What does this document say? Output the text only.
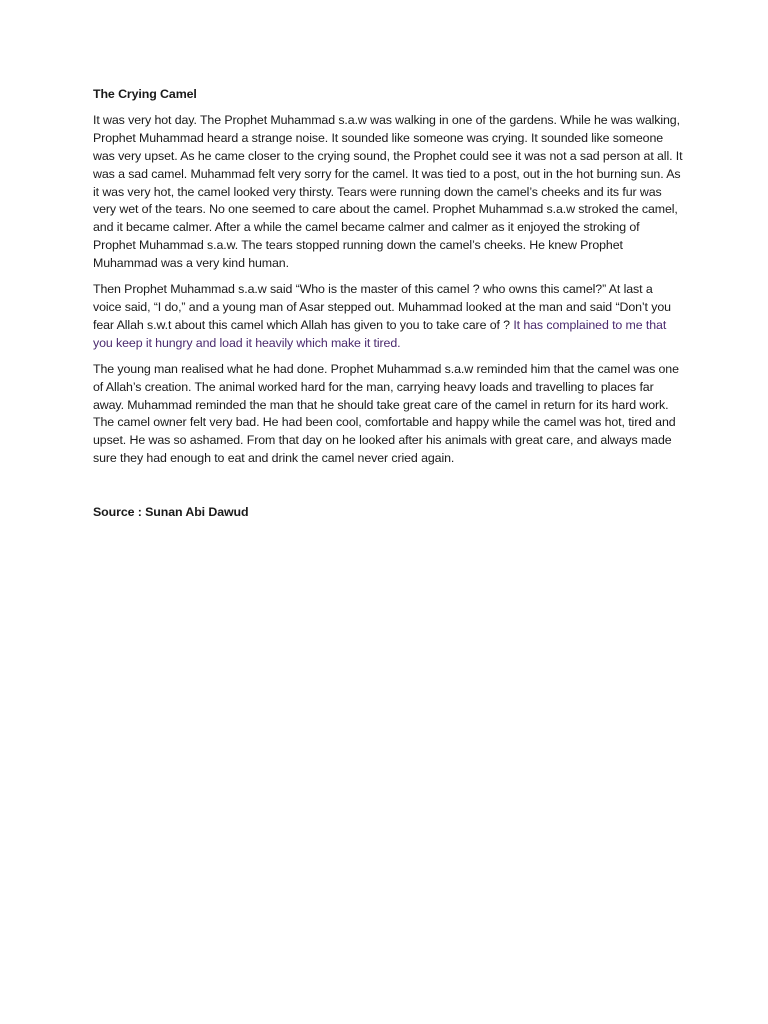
The Crying Camel

It was very hot day. The Prophet Muhammad s.a.w was walking in one of the gardens. While he was walking, Prophet Muhammad heard a strange noise. It sounded like someone was crying. It sounded like someone was very upset. As he came closer to the crying sound, the Prophet could see it was not a sad person at all. It was a sad camel. Muhammad felt very sorry for the camel. It was tied to a post, out in the hot burning sun. As it was very hot, the camel looked very thirsty. Tears were running down the camel’s cheeks and its fur was very wet of the tears. No one seemed to care about the camel. Prophet Muhammad s.a.w stroked the camel, and it became calmer. After a while the camel became calmer and calmer as it enjoyed the stroking of Prophet Muhammad s.a.w. The tears stopped running down the camel’s cheeks. He knew Prophet Muhammad was a very kind human.

Then Prophet Muhammad s.a.w said “Who is the master of this camel ? who owns this camel?” At last a voice said, “I do,” and a young man of Asar stepped out. Muhammad looked at the man and said “Don’t you fear Allah s.w.t about this camel which Allah has given to you to take care of ? It has complained to me that you keep it hungry and load it heavily which make it tired.

The young man realised what he had done. Prophet Muhammad s.a.w reminded him that the camel was one of Allah’s creation. The animal worked hard for the man, carrying heavy loads and travelling to places far away. Muhammad reminded the man that he should take great care of the camel in return for its hard work. The camel owner felt very bad. He had been cool, comfortable and happy while the camel was hot, tired and upset. He was so ashamed. From that day on he looked after his animals with great care, and always made sure they had enough to eat and drink the camel never cried again.

Source : Sunan Abi Dawud
